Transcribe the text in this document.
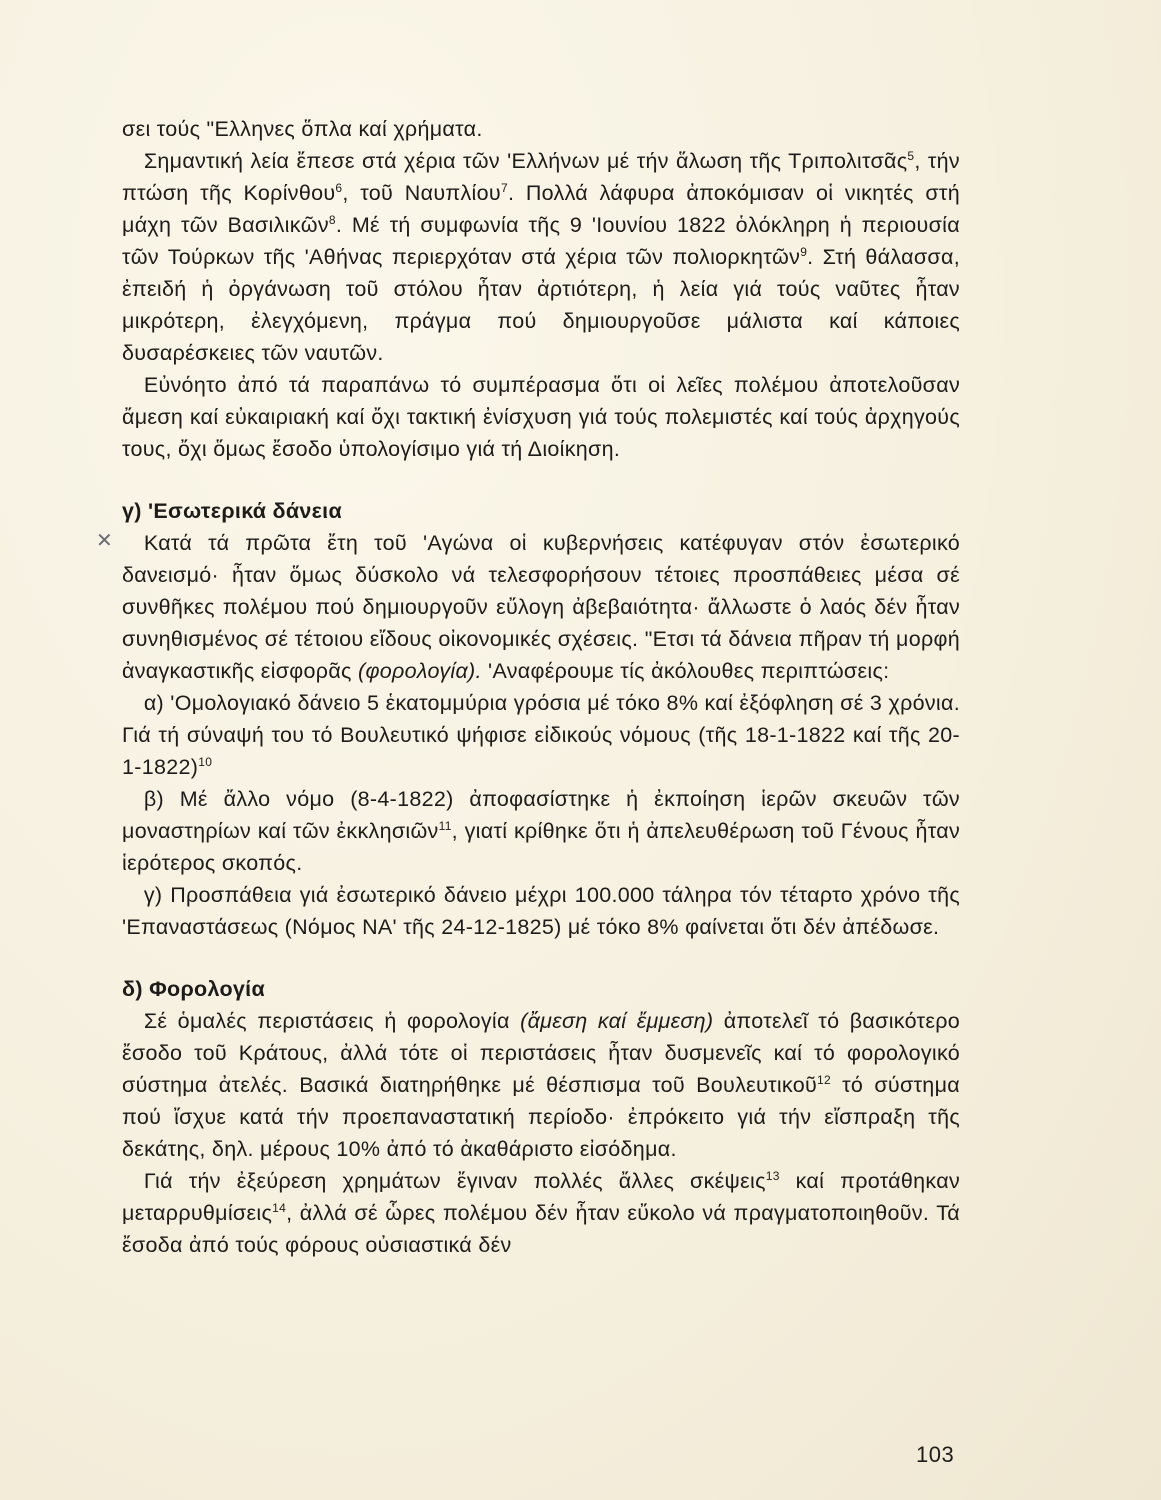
✕

σει τούς "Ελληνες ὅπλα καί χρήματα.

 Σημαντική λεία ἔπεσε στά χέρια τῶν 'Ελλήνων μέ τήν ἅλωση τῆς Τριπολιτσᾶς$^5$, τήν πτώση τῆς Κορίνθου$^6$, τοῦ Ναυπλίου$^7$. Πολλά λάφυρα ἀποκόμισαν οἱ νικητές στή μάχη τῶν Βασιλικῶν$^8$. Μέ τή συμφωνία τῆς 9 'Ιουνίου 1822 ὁλόκληρη ἡ περιουσία τῶν Τούρκων τῆς 'Αθήνας περιερχόταν στά χέρια τῶν πολιορκητῶν$^9$. Στή θάλασσα, ἐπειδή ἡ ὀργάνωση τοῦ στόλου ἦταν ἀρτιότερη, ἡ λεία γιά τούς ναῦτες ἦταν μικρότερη, ἐλεγχόμενη, πράγμα πού δημιουργοῦσε μάλιστα καί κάποιες δυσαρέσκειες τῶν ναυτῶν.

 Εὐνόητο ἀπό τά παραπάνω τό συμπέρασμα ὅτι οἱ λεῖες πολέμου ἀποτελοῦσαν ἄμεση καί εὐκαιριακή καί ὄχι τακτική ἐνίσχυση γιά τούς πολεμιστές καί τούς ἀρχηγούς τους, ὄχι ὅμως ἔσοδο ὑπολογίσιμο γιά τή Διοίκηση.

γ) 'Εσωτερικά δάνεια

 Κατά τά πρῶτα ἔτη τοῦ 'Αγώνα οἱ κυβερνήσεις κατέφυγαν στόν ἐσωτερικό δανεισμό· ἦταν ὅμως δύσκολο νά τελεσφορήσουν τέτοιες προσπάθειες μέσα σέ συνθῆκες πολέμου πού δημιουργοῦν εὔλογη ἀβεβαιότητα· ἄλλωστε ὁ λαός δέν ἦταν συνηθισμένος σέ τέτοιου εἴδους οἰκονομικές σχέσεις. "Ετσι τά δάνεια πῆραν τή μορφή ἀναγκαστικῆς εἰσφορᾶς (φορολογία). 'Αναφέρουμε τίς ἀκόλουθες περιπτώσεις:

 α) 'Ομολογιακό δάνειο 5 ἑκατομμύρια γρόσια μέ τόκο 8% καί ἐξόφληση σέ 3 χρόνια. Γιά τή σύναψή του τό Βουλευτικό ψήφισε εἰδικούς νόμους (τῆς 18-1-1822 καί τῆς 20-1-1822)$^{10}$

 β) Μέ ἄλλο νόμο (8-4-1822) ἀποφασίστηκε ἡ ἐκποίηση ἱερῶν σκευῶν τῶν μοναστηρίων καί τῶν ἐκκλησιῶν$^{11}$, γιατί κρίθηκε ὅτι ἡ ἀπελευθέρωση τοῦ Γένους ἦταν ἱερότερος σκοπός.

 γ) Προσπάθεια γιά ἐσωτερικό δάνειο μέχρι 100.000 τάληρα τόν τέταρτο χρόνο τῆς 'Επαναστάσεως (Νόμος ΝΑ' τῆς 24-12-1825) μέ τόκο 8% φαίνεται ὅτι δέν ἀπέδωσε.

δ) Φορολογία

 Σέ ὁμαλές περιστάσεις ἡ φορολογία (ἄμεση καί ἔμμεση) ἀποτελεῖ τό βασικότερο ἔσοδο τοῦ Κράτους, ἀλλά τότε οἱ περιστάσεις ἦταν δυσμενεῖς καί τό φορολογικό σύστημα ἀτελές. Βασικά διατηρήθηκε μέ θέσπισμα τοῦ Βουλευτικοῦ$^{12}$ τό σύστημα πού ἴσχυε κατά τήν προεπαναστατική περίοδο· ἐπρόκειτο γιά τήν εἴσπραξη τῆς δεκάτης, δηλ. μέρους 10% ἀπό τό ἀκαθάριστο εἰσόδημα.

 Γιά τήν ἐξεύρεση χρημάτων ἔγιναν πολλές ἄλλες σκέψεις$^{13}$ καί προτάθηκαν μεταρρυθμίσεις$^{14}$, ἀλλά σέ ὧρες πολέμου δέν ἦταν εὔκολο νά πραγματοποιηθοῦν. Τά ἔσοδα ἀπό τούς φόρους οὐσιαστικά δέν

103
